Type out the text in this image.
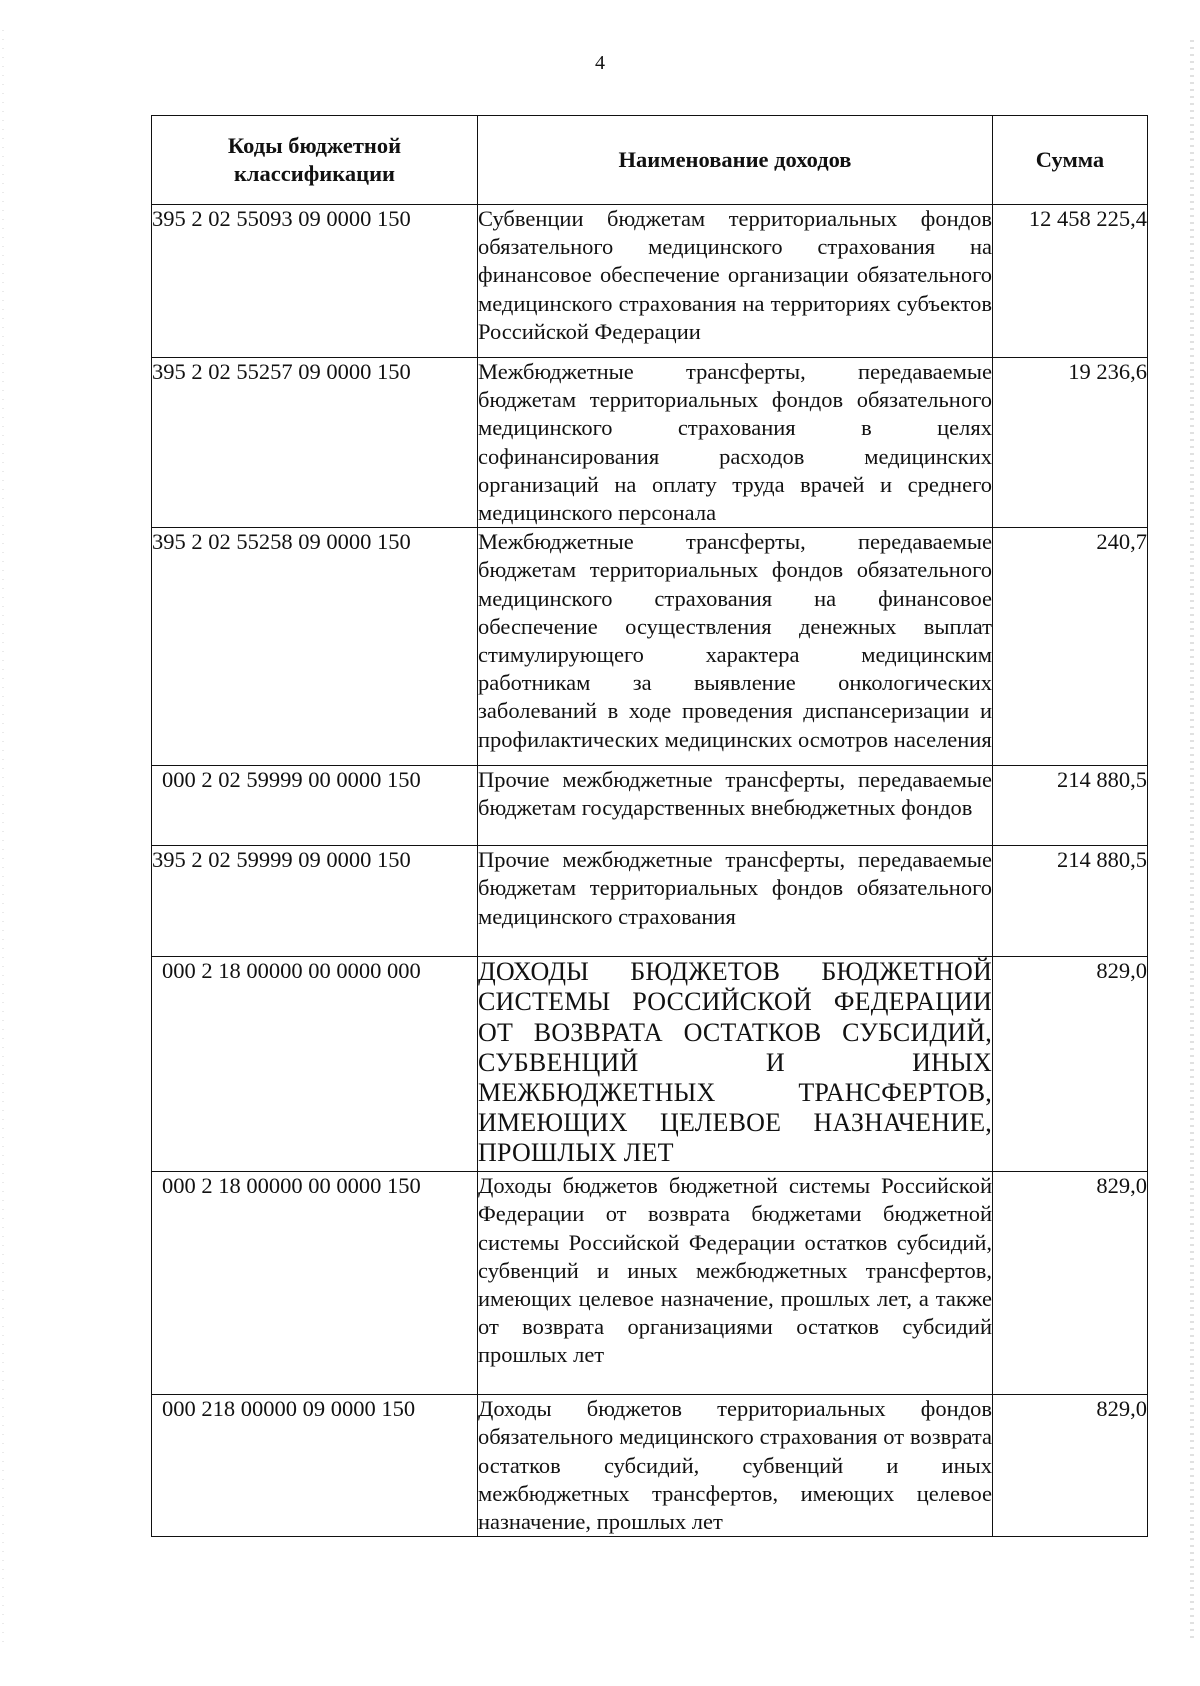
4
Коды бюджетной классификации	Наименование доходов	Сумма
395 2 02 55093 09 0000 150	Субвенции бюджетам территориальных фондов обязательного медицинского страхования на финансовое обеспечение организации обязательного медицинского страхования на территориях субъектов Российской Федерации	12 458 225,4
395 2 02 55257 09 0000 150	Межбюджетные трансферты, передаваемые бюджетам территориальных фондов обязательного медицинского страхования в целях софинансирования расходов медицинских организаций на оплату труда врачей и среднего медицинского персонала	19 236,6
395 2 02 55258 09 0000 150	Межбюджетные трансферты, передаваемые бюджетам территориальных фондов обязательного медицинского страхования на финансовое обеспечение осуществления денежных выплат стимулирующего характера медицинским работникам за выявление онкологических заболеваний в ходе проведения диспансеризации и профилактических медицинских осмотров населения	240,7
000 2 02 59999 00 0000 150	Прочие межбюджетные трансферты, передаваемые бюджетам государственных внебюджетных фондов	214 880,5
395 2 02 59999 09 0000 150	Прочие межбюджетные трансферты, передаваемые бюджетам территориальных фондов обязательного медицинского страхования	214 880,5
000 2 18 00000 00 0000 000	ДОХОДЫ БЮДЖЕТОВ БЮДЖЕТНОЙ СИСТЕМЫ РОССИЙСКОЙ ФЕДЕРАЦИИ ОТ ВОЗВРАТА ОСТАТКОВ СУБСИДИЙ, СУБВЕНЦИЙ И ИНЫХ МЕЖБЮДЖЕТНЫХ ТРАНСФЕРТОВ, ИМЕЮЩИХ ЦЕЛЕВОЕ НАЗНАЧЕНИЕ, ПРОШЛЫХ ЛЕТ	829,0
000 2 18 00000 00 0000 150	Доходы бюджетов бюджетной системы Российской Федерации от возврата бюджетами бюджетной системы Российской Федерации остатков субсидий, субвенций и иных межбюджетных трансфертов, имеющих целевое назначение, прошлых лет, а также от возврата организациями остатков субсидий прошлых лет	829,0
000 218 00000 09 0000 150	Доходы бюджетов территориальных фондов обязательного медицинского страхования от возврата остатков субсидий, субвенций и иных межбюджетных трансфертов, имеющих целевое назначение, прошлых лет	829,0
